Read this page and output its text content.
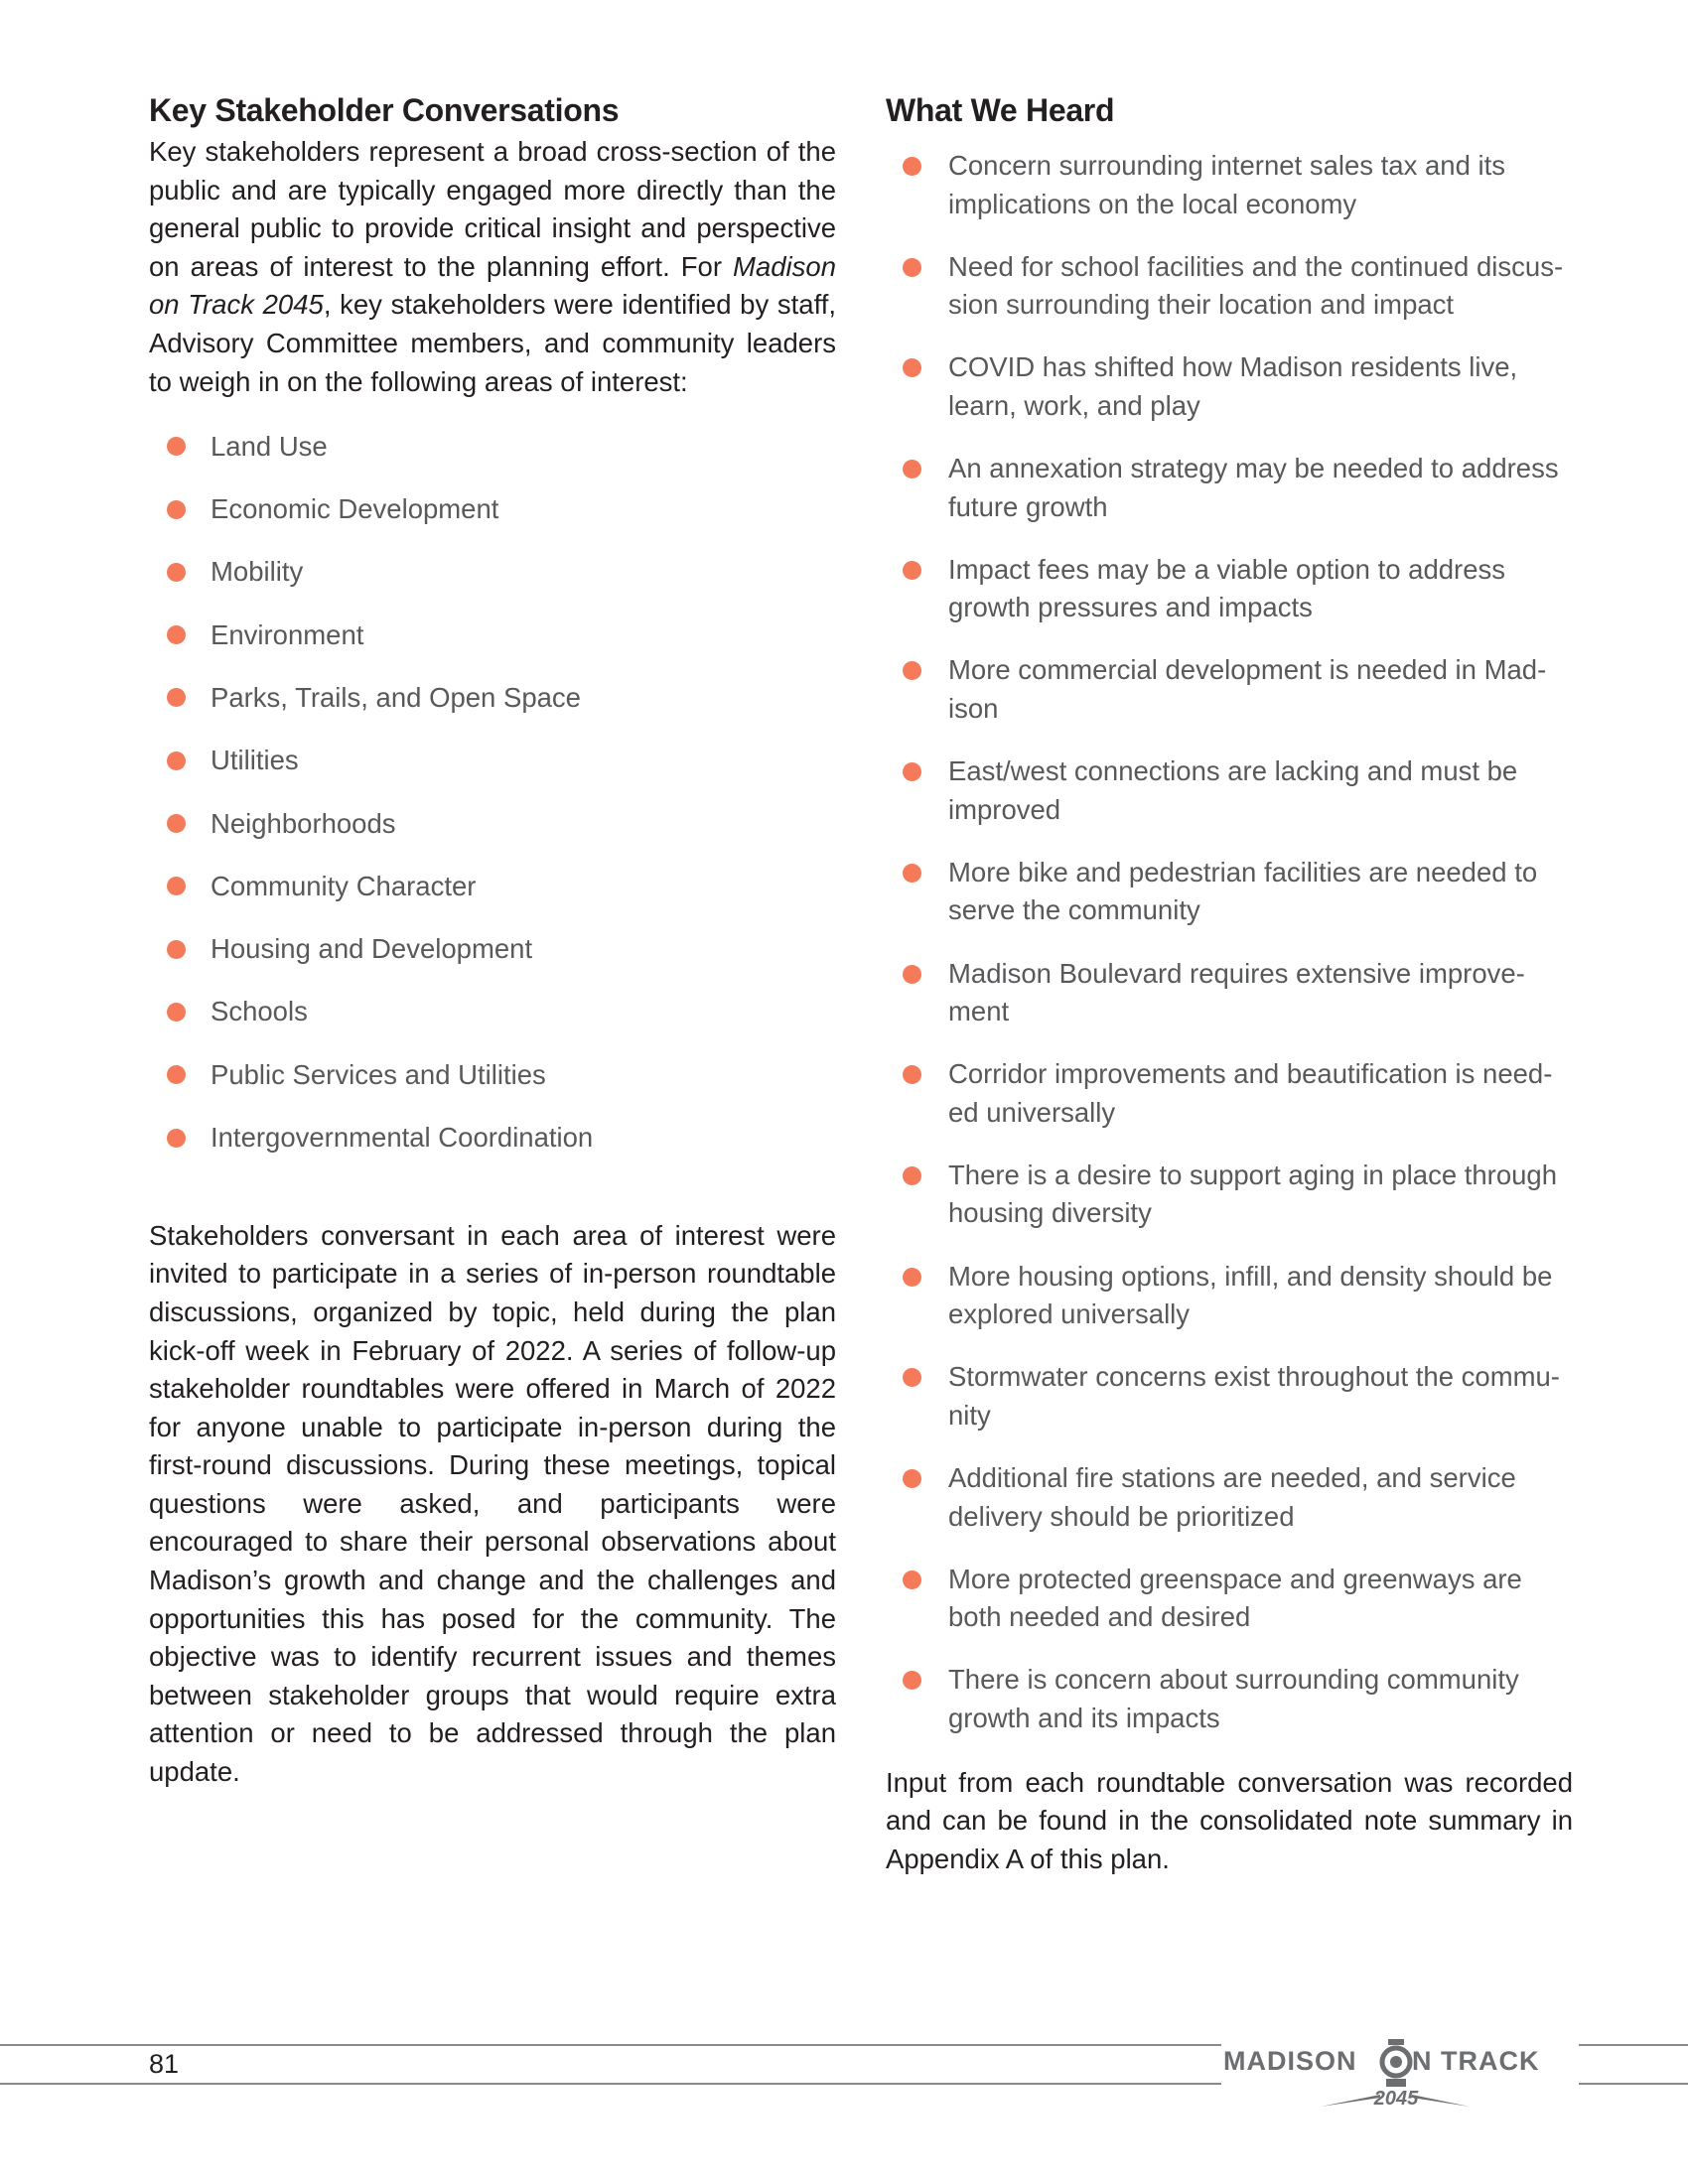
Key Stakeholder Conversations

Key stakeholders represent a broad cross-section of the public and are typically engaged more directly than the general public to provide critical insight and perspective on areas of interest to the planning effort. For Madison on Track 2045, key stakeholders were identified by staff, Advisory Committee members, and community leaders to weigh in on the following areas of interest:

Land Use
Economic Development
Mobility
Environment
Parks, Trails, and Open Space
Utilities
Neighborhoods
Community Character
Housing and Development
Schools
Public Services and Utilities
Intergovernmental Coordination

Stakeholders conversant in each area of interest were invited to participate in a series of in-person roundtable discussions, organized by topic, held during the plan kick-off week in February of 2022. A series of follow-up stakeholder roundtables were offered in March of 2022 for anyone unable to participate in-person during the first-round discussions. During these meetings, topical questions were asked, and participants were encouraged to share their personal observations about Madison’s growth and change and the challenges and opportunities this has posed for the community. The objective was to identify recurrent issues and themes between stakeholder groups that would require extra attention or need to be addressed through the plan update.

What We Heard
Concern surrounding internet sales tax and its implications on the local economy
Need for school facilities and the continued discus-sion surrounding their location and impact
COVID has shifted how Madison residents live, learn, work, and play
An annexation strategy may be needed to address future growth
Impact fees may be a viable option to address growth pressures and impacts
More commercial development is needed in Mad-ison
East/west connections are lacking and must be improved
More bike and pedestrian facilities are needed to serve the community
Madison Boulevard requires extensive improve-ment
Corridor improvements and beautification is need-ed universally
There is a desire to support aging in place through housing diversity
More housing options, infill, and density should be explored universally
Stormwater concerns exist throughout the commu-nity
Additional fire stations are needed, and service delivery should be prioritized
More protected greenspace and greenways are both needed and desired
There is concern about surrounding community growth and its impacts

Input from each roundtable conversation was recorded and can be found in the consolidated note summary in Appendix A of this plan.

81	MADISON N TRACK
2045
